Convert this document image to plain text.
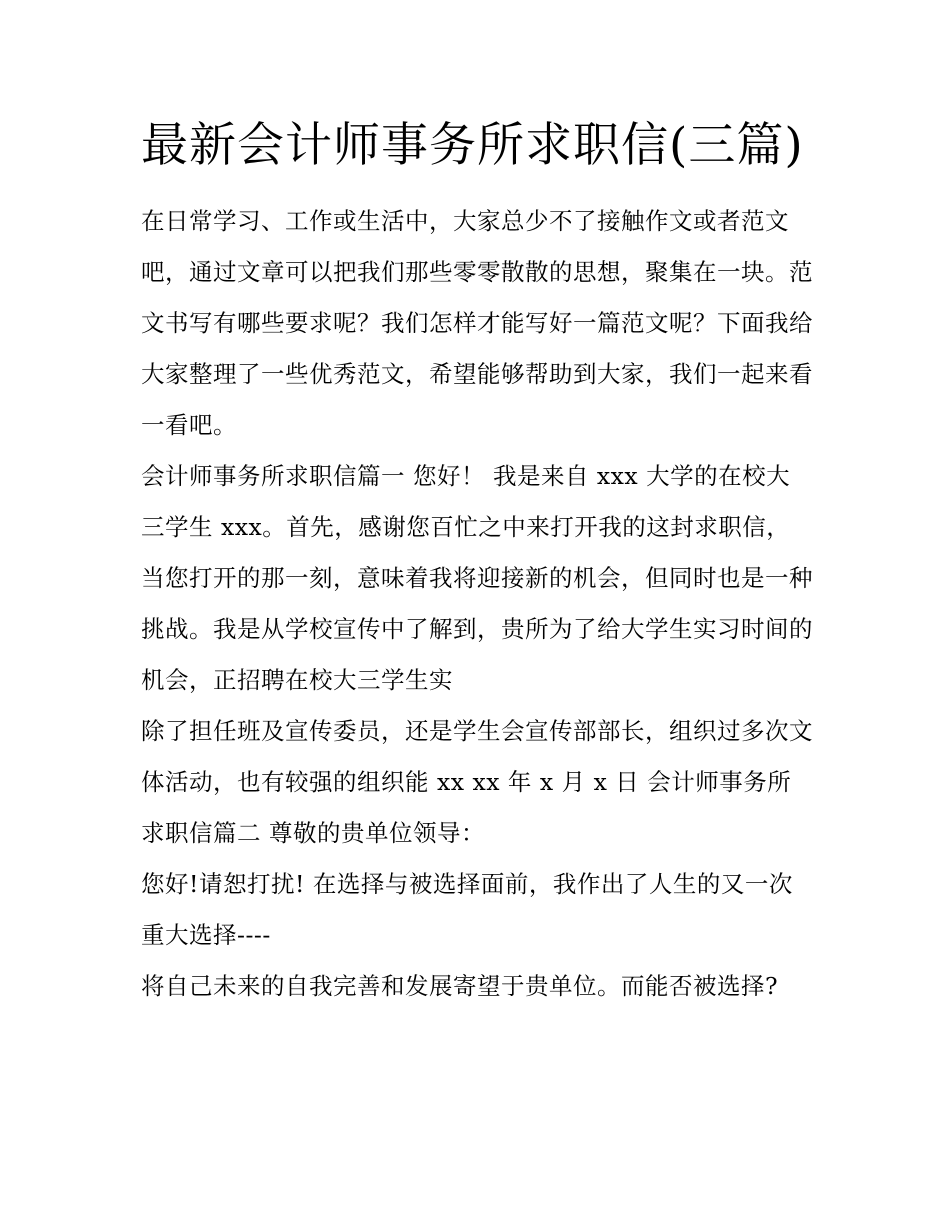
最新会计师事务所求职信(三篇)

在日常学习、工作或生活中，大家总少不了接触作文或者范文吧，通过文章可以把我们那些零零散散的思想，聚集在一块。范文书写有哪些要求呢？我们怎样才能写好一篇范文呢？下面我给大家整理了一些优秀范文，希望能够帮助到大家，我们一起来看一看吧。

会计师事务所求职信篇一 您好！ 我是来自 xxx 大学的在校大三学生 xxx。首先，感谢您百忙之中来打开我的这封求职信，当您打开的那一刻，意味着我将迎接新的机会，但同时也是一种挑战。我是从学校宣传中了解到，贵所为了给大学生实习时间的机会，正招聘在校大三学生实

除了担任班及宣传委员，还是学生会宣传部部长，组织过多次文体活动，也有较强的组织能 xx xx 年 x 月 x 日 会计师事务所求职信篇二 尊敬的贵单位领导：

您好!请恕打扰! 在选择与被选择面前，我作出了人生的又一次重大选择----

将自己未来的自我完善和发展寄望于贵单位。而能否被选择?
